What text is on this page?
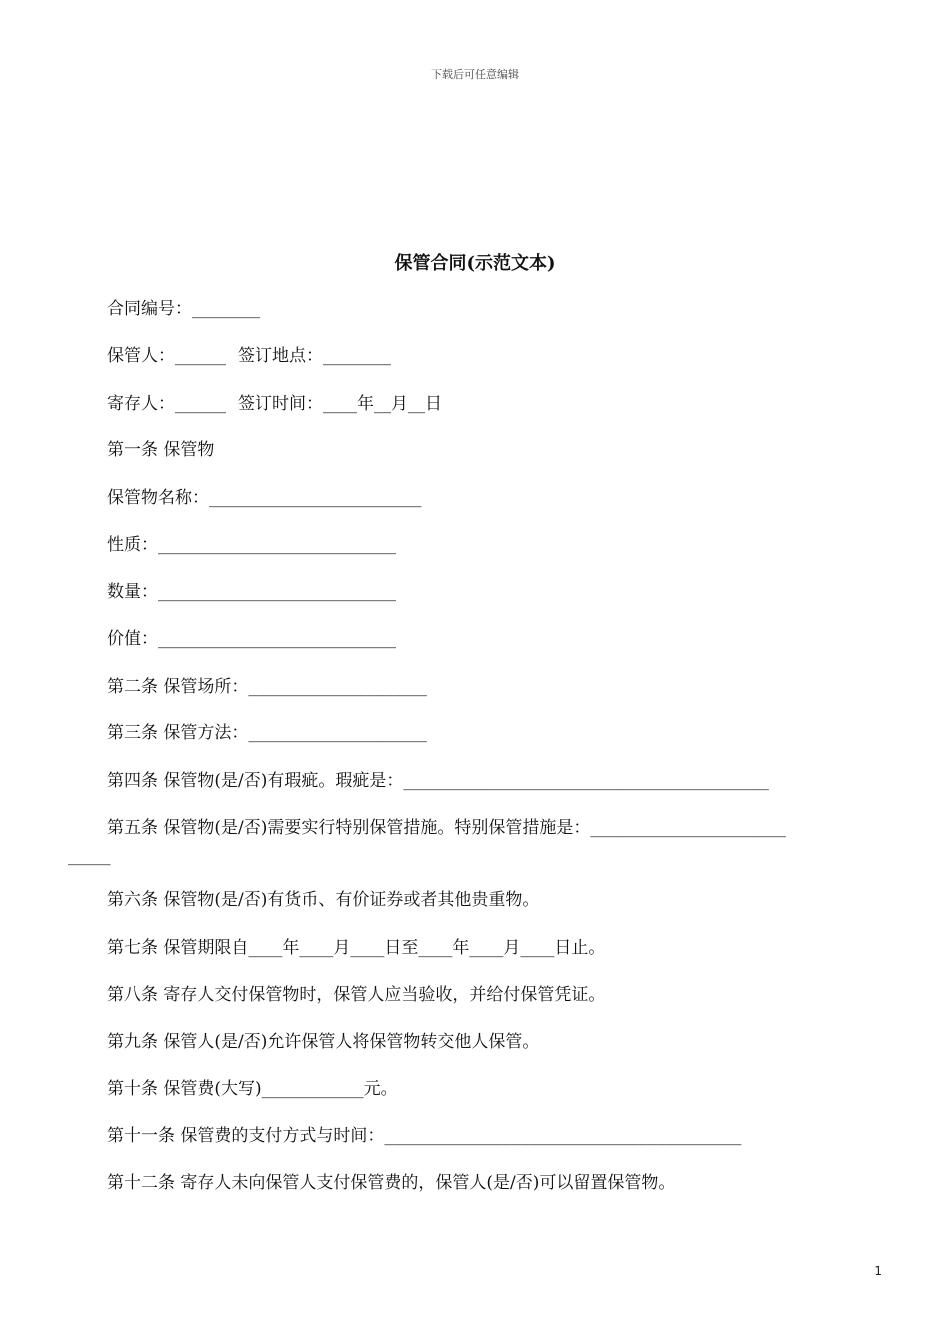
下载后可任意编辑
保管合同(示范文本)
合同编号：________
保管人：______ 签订地点：________
寄存人：______ 签订时间：____年__月__日
第一条 保管物
保管物名称：_________________________
性质：____________________________
数量：____________________________
价值：____________________________
第二条 保管场所：_____________________
第三条 保管方法：_____________________
第四条 保管物(是/否)有瑕疵。瑕疵是：___________________________________________
第五条 保管物(是/否)需要实行特别保管措施。特别保管措施是：_______________________
_____
第六条 保管物(是/否)有货币、有价证券或者其他贵重物。
第七条 保管期限自____年____月____日至____年____月____日止。
第八条 寄存人交付保管物时，保管人应当验收，并给付保管凭证。
第九条 保管人(是/否)允许保管人将保管物转交他人保管。
第十条 保管费(大写)____________元。
第十一条 保管费的支付方式与时间：__________________________________________
第十二条 寄存人未向保管人支付保管费的，保管人(是/否)可以留置保管物。
1
